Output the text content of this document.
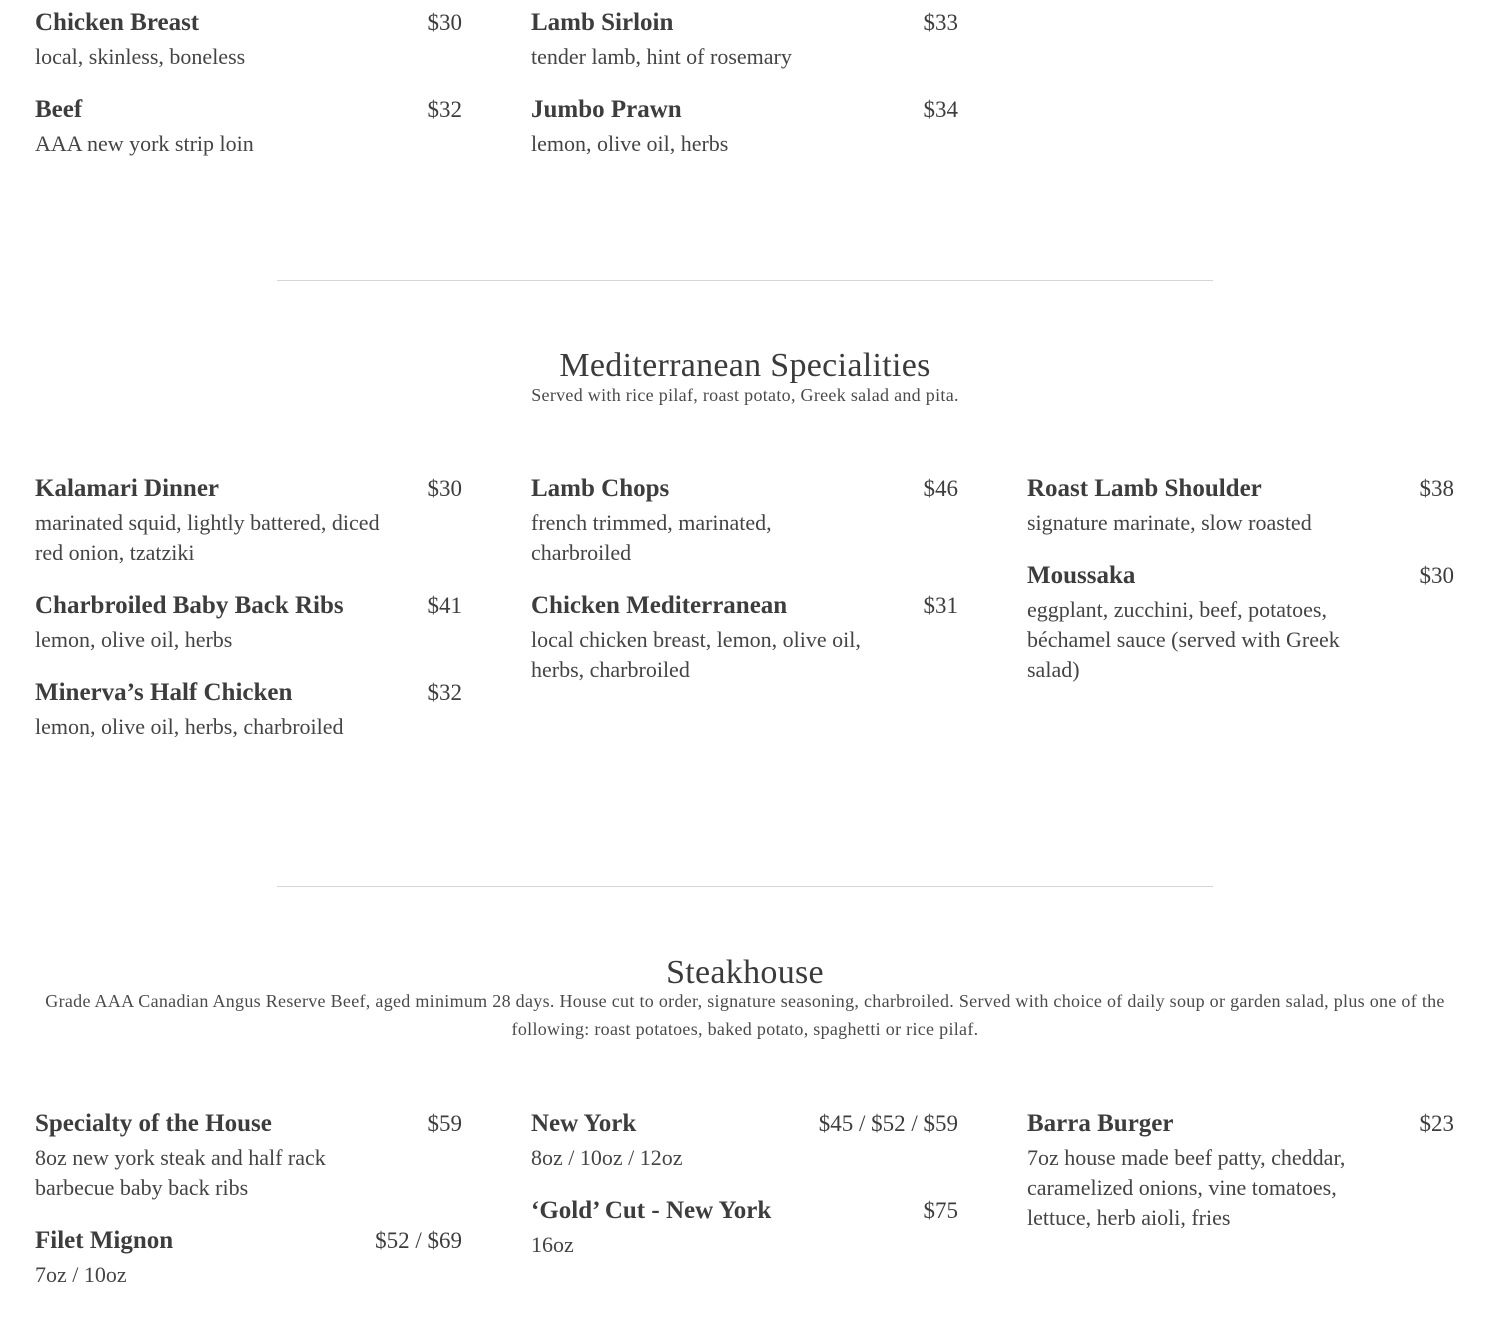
Chicken Breast	$30
local, skinless, boneless
Beef	$32
AAA new york strip loin
Lamb Sirloin	$33
tender lamb, hint of rosemary
Jumbo Prawn	$34
lemon, olive oil, herbs
Mediterranean Specialities
Served with rice pilaf, roast potato, Greek salad and pita.
Kalamari Dinner	$30
marinated squid, lightly battered, diced red onion, tzatziki
Charbroiled Baby Back Ribs	$41
lemon, olive oil, herbs
Minerva’s Half Chicken	$32
lemon, olive oil, herbs, charbroiled
Lamb Chops	$46
french trimmed, marinated, charbroiled
Chicken Mediterranean	$31
local chicken breast, lemon, olive oil, herbs, charbroiled
Roast Lamb Shoulder	$38
signature marinate, slow roasted
Moussaka	$30
eggplant, zucchini, beef, potatoes, béchamel sauce (served with Greek salad)
Steakhouse
Grade AAA Canadian Angus Reserve Beef, aged minimum 28 days. House cut to order, signature seasoning, charbroiled. Served with choice of daily soup or garden salad, plus one of the following: roast potatoes, baked potato, spaghetti or rice pilaf.
Specialty of the House	$59
8oz new york steak and half rack barbecue baby back ribs
Filet Mignon	$52 / $69
7oz / 10oz
New York	$45 / $52 / $59
8oz / 10oz / 12oz
‘Gold’ Cut - New York	$75
16oz
Barra Burger	$23
7oz house made beef patty, cheddar, caramelized onions, vine tomatoes, lettuce, herb aioli, fries
